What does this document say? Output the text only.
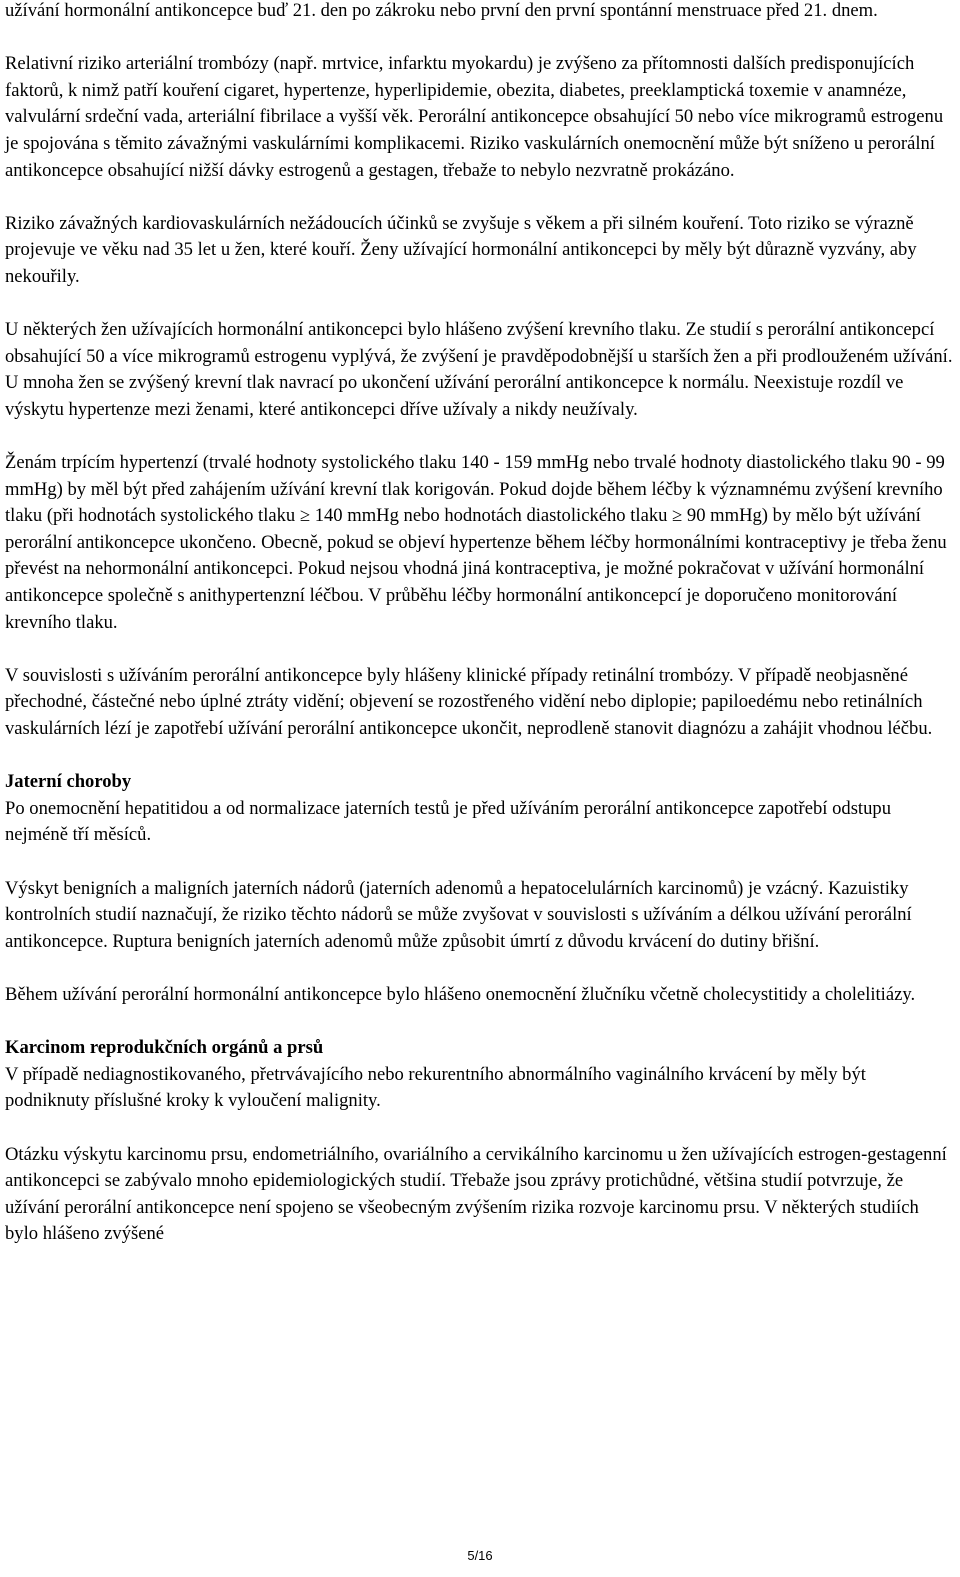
užívání hormonální antikoncepce buď 21. den po zákroku nebo první den první spontánní menstruace před 21. dnem.

Relativní riziko arteriální trombózy (např. mrtvice, infarktu myokardu) je zvýšeno za přítomnosti dalších predisponujících faktorů, k nimž patří kouření cigaret, hypertenze, hyperlipidemie, obezita, diabetes, preeklamptická toxemie v anamnéze, valvulární srdeční vada, arteriální fibrilace a vyšší věk. Perorální antikoncepce obsahující 50 nebo více mikrogramů estrogenu je spojována s těmito závažnými vaskulárními komplikacemi. Riziko vaskulárních onemocnění může být sníženo u perorální antikoncepce obsahující nižší dávky estrogenů a gestagen, třebaže to nebylo nezvratně prokázáno.

Riziko závažných kardiovaskulárních nežádoucích účinků se zvyšuje s věkem a při silném kouření. Toto riziko se výrazně projevuje ve věku nad 35 let u žen, které kouří. Ženy užívající hormonální antikoncepci by měly být důrazně vyzvány, aby nekouřily.

U některých žen užívajících hormonální antikoncepci bylo hlášeno zvýšení krevního tlaku. Ze studií s perorální antikoncepcí obsahující 50 a více mikrogramů estrogenu vyplývá, že zvýšení je pravděpodobnější u starších žen a při prodlouženém užívání. U mnoha žen se zvýšený krevní tlak navrací po ukončení užívání perorální antikoncepce k normálu. Neexistuje rozdíl ve výskytu hypertenze mezi ženami, které antikoncepci dříve užívaly a nikdy neužívaly.

Ženám trpícím hypertenzí (trvalé hodnoty systolického tlaku 140 - 159 mmHg nebo trvalé hodnoty diastolického tlaku 90 - 99 mmHg) by měl být před zahájením užívání krevní tlak korigován. Pokud dojde během léčby k významnému zvýšení krevního tlaku (při hodnotách systolického tlaku ≥ 140 mmHg nebo hodnotách diastolického tlaku ≥ 90 mmHg) by mělo být užívání perorální antikoncepce ukončeno. Obecně, pokud se objeví hypertenze během léčby hormonálními kontraceptivy je třeba ženu převést na nehormonální antikoncepci. Pokud nejsou vhodná jiná kontraceptiva, je možné pokračovat v užívání hormonální antikoncepce společně s anithypertenzní léčbou. V průběhu léčby hormonální antikoncepcí je doporučeno monitorování krevního tlaku.

V souvislosti s užíváním perorální antikoncepce byly hlášeny klinické případy retinální trombózy. V případě neobjasněné přechodné, částečné nebo úplné ztráty vidění; objevení se rozostřeného vidění nebo diplopie; papiloedému nebo retinálních vaskulárních lézí je zapotřebí užívání perorální antikoncepce ukončit, neprodleně stanovit diagnózu a zahájit vhodnou léčbu.

Jaterní choroby

Po onemocnění hepatitidou a od normalizace jaterních testů je před užíváním perorální antikoncepce zapotřebí odstupu nejméně tří měsíců.

Výskyt benigních a maligních jaterních nádorů (jaterních adenomů a hepatocelulárních karcinomů) je vzácný. Kazuistiky kontrolních studií naznačují, že riziko těchto nádorů se může zvyšovat v souvislosti s užíváním a délkou užívání perorální antikoncepce. Ruptura benigních jaterních adenomů může způsobit úmrtí z důvodu krvácení do dutiny břišní.

Během užívání perorální hormonální antikoncepce bylo hlášeno onemocnění žlučníku včetně cholecystitidy a cholelitiázy.

Karcinom reprodukčních orgánů a prsů

V případě nediagnostikovaného, přetrvávajícího nebo rekurentního abnormálního vaginálního krvácení by měly být podniknuty příslušné kroky k vyloučení malignity.

Otázku výskytu karcinomu prsu, endometriálního, ovariálního a cervikálního karcinomu u žen užívajících estrogen-gestagenní antikoncepci se zabývalo mnoho epidemiologických studií. Třebaže jsou zprávy protichůdné, většina studií potvrzuje, že užívání perorální antikoncepce není spojeno se všeobecným zvýšením rizika rozvoje karcinomu prsu. V některých studiích bylo hlášeno zvýšené

5/16
